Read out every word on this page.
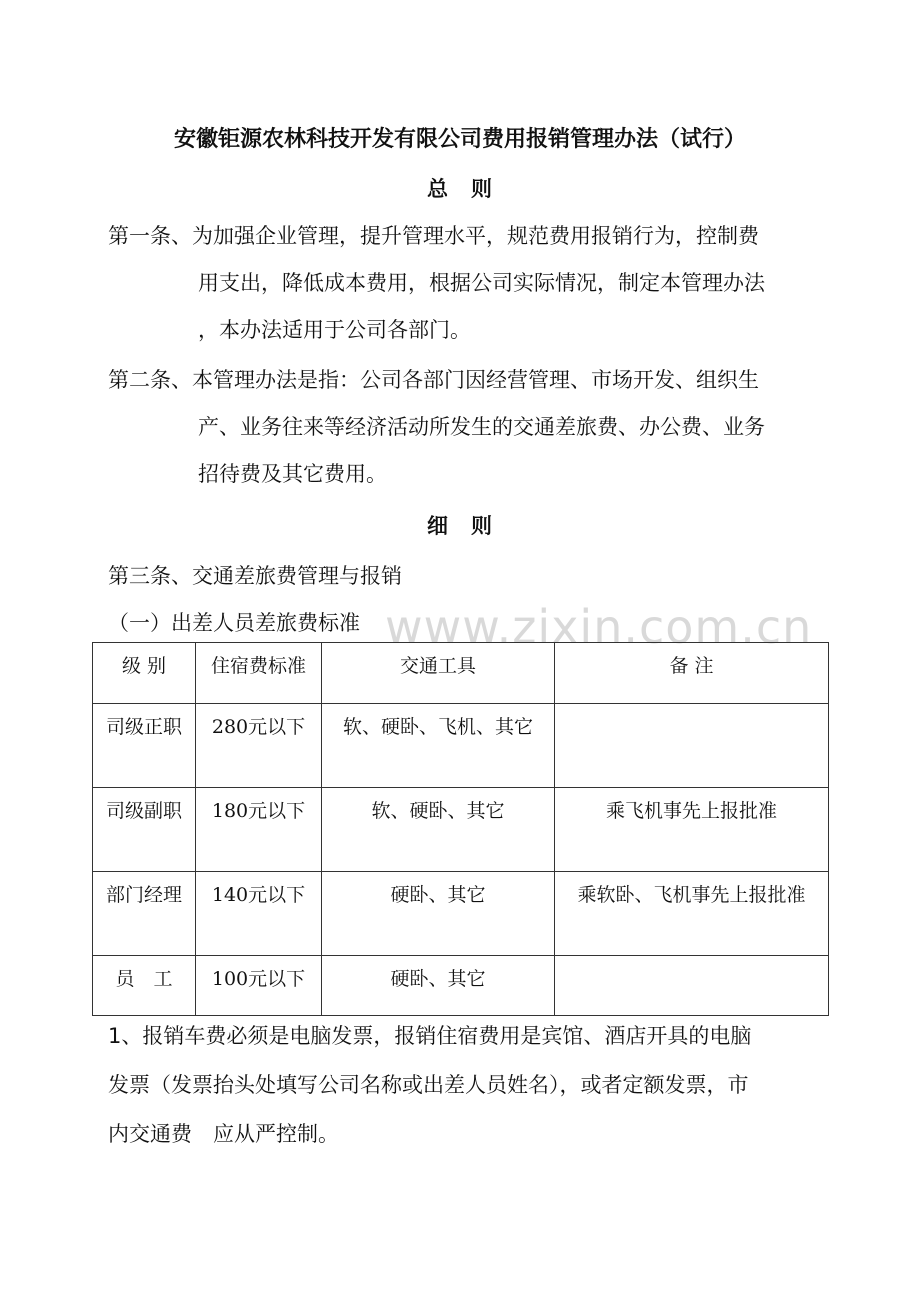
安徽钜源农林科技开发有限公司费用报销管理办法（试行）
总　则
第一条、为加强企业管理，提升管理水平，规范费用报销行为，控制费
用支出，降低成本费用，根据公司实际情况，制定本管理办法
，本办法适用于公司各部门。
第二条、本管理办法是指：公司各部门因经营管理、市场开发、组织生
产、业务往来等经济活动所发生的交通差旅费、办公费、业务
招待费及其它费用。
细　则
第三条、交通差旅费管理与报销
（一）出差人员差旅费标准 www.zixin.com.cn
级 别	住宿费标准	交通工具	备 注
司级正职	280元以下	软、硬卧、飞机、其它	
司级副职	180元以下	软、硬卧、其它	乘飞机事先上报批准
部门经理	140元以下	硬卧、其它	乘软卧、飞机事先上报批准
员　工	100元以下	硬卧、其它	
1、报销车费必须是电脑发票，报销住宿费用是宾馆、酒店开具的电脑
发票（发票抬头处填写公司名称或出差人员姓名），或者定额发票，市
内交通费　应从严控制。
